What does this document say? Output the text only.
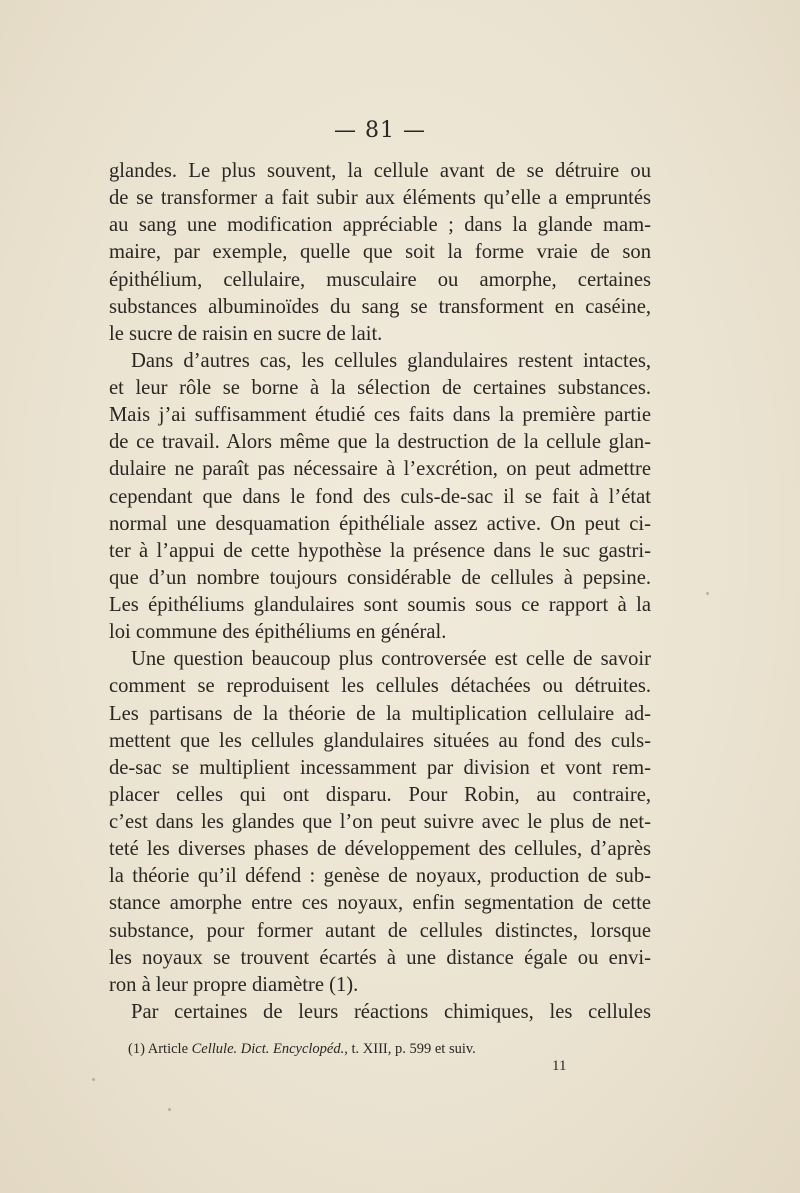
— 81 —
glandes. Le plus souvent, la cellule avant de se détruire ou
de se transformer a fait subir aux éléments qu’elle a empruntés
au sang une modification appréciable ; dans la glande mam-
maire, par exemple, quelle que soit la forme vraie de son
épithélium, cellulaire, musculaire ou amorphe, certaines
substances albuminoïdes du sang se transforment en caséine,
le sucre de raisin en sucre de lait.
Dans d’autres cas, les cellules glandulaires restent intactes,
et leur rôle se borne à la sélection de certaines substances.
Mais j’ai suffisamment étudié ces faits dans la première partie
de ce travail. Alors même que la destruction de la cellule glan-
dulaire ne paraît pas nécessaire à l’excrétion, on peut admettre
cependant que dans le fond des culs-de-sac il se fait à l’état
normal une desquamation épithéliale assez active. On peut ci-
ter à l’appui de cette hypothèse la présence dans le suc gastri-
que d’un nombre toujours considérable de cellules à pepsine.
Les épithéliums glandulaires sont soumis sous ce rapport à la
loi commune des épithéliums en général.
Une question beaucoup plus controversée est celle de savoir
comment se reproduisent les cellules détachées ou détruites.
Les partisans de la théorie de la multiplication cellulaire ad-
mettent que les cellules glandulaires situées au fond des culs-
de-sac se multiplient incessamment par division et vont rem-
placer celles qui ont disparu. Pour Robin, au contraire,
c’est dans les glandes que l’on peut suivre avec le plus de net-
teté les diverses phases de développement des cellules, d’après
la théorie qu’il défend : genèse de noyaux, production de sub-
stance amorphe entre ces noyaux, enfin segmentation de cette
substance, pour former autant de cellules distinctes, lorsque
les noyaux se trouvent écartés à une distance égale ou envi-
ron à leur propre diamètre (1).
Par certaines de leurs réactions chimiques, les cellules
(1) Article Cellule. Dict. Encyclopéd., t. XIII, p. 599 et suiv.
11
